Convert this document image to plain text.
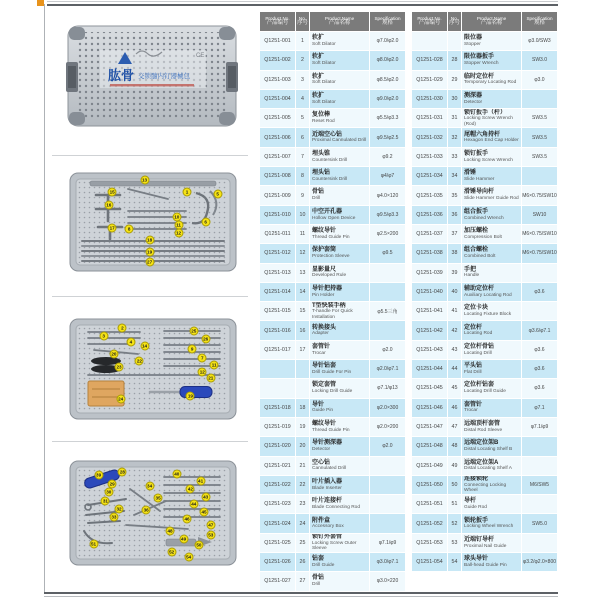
CE
肱骨 交锁髓内钉器械包
13
15
16
1	5
10
11
12
6
17	8
18
19
27
2
3
4
14
20
22
23
25
26
9
7
11
12
21
24
19
39
28
29
30
31
32
33
34
35
36
40
41
42
43
44
45
46
47
48
49
50
51
53
52
54
Product No.
产品编号
No.
序号
Product Name
产品名称
Specification
规格
Q1251-001	1
软扩
Soft Dilator
φ7.0/φ2.0
Q1251-002	2
软扩
Soft Dilator
φ8.0/φ2.0
Q1251-003	3
软扩
Soft Dilator
φ8.5/φ2.0
Q1251-004	4
软扩
Soft Dilator
φ9.0/φ2.0
Q1251-005	5
复位棒
Reset Rod
φ5.5/φ3.3
Q1251-006	6
近端空心钻
Proximal Cannulated Drill
φ9.5/φ2.5
Q1251-007	7
埋头锥
Countersink Drill
φ9.2
Q1251-008	8
埋头钻
Countersink Drill
φ4/φ7
Q1251-009	9
骨钻
Drill
φ4.0×120
Q1251-010	10
中空开孔器
Hollow Open Device
φ9.5/φ3.3
Q1251-011	11
螺纹导针
Thread Guide Pin
φ2.5×200
Q1251-012	12
保护套筒
Protection Sleeve
φ9.5
Q1251-013	13
显影量尺
Developed Rule
Q1251-014	14
导针把持器
Pin Holder
Q1251-015	15
T型快装手柄
T-handle For Quick Installation
φ5.5三角
Q1251-016	16
转换接头
Adapter
Q1251-017	17
套管针
Trocar
φ2.0
导针钻套
Drill Guide For Pin
φ2.0/φ7.1
锁定套管
Locking Drill Guide
φ7.1/φ13
Q1251-018	18
导针
Guide Pin
φ2.0×300
Q1251-019	19
螺纹导针
Thread Guide Pin
φ2.0×200
Q1251-020	20
导针测深器
Detector
φ2.0
Q1251-021	21
空心钻
Cannulated Drill
Q1251-022	22
叶片插入器
Blade Inserter
Q1251-023	23
叶片连接杆
Blade Connecting Rod
Q1251-024	24
附件盒
Accessory Box
Q1251-025	25
锁钉外套管
Locking Screw Outer Sleeve
φ7.1/φ9
Q1251-026	26
钻套
Drill Guide
φ3.0/φ7.1
Q1251-027	27
骨钻
Drill
φ3.0×220
Product No.
产品编号
No.
序号
Product Name
产品名称
Specification
规格
限位器
Stopper
φ3.0/SW3
Q1251-028	28
限位器扳手
Stopper Wrench
SW3.0
Q1251-029	29
临时定位杆
Temporary Locating Rod
φ3.0
Q1251-030	30
测深器
Detector
Q1251-031	31
锁钉扳手（杆）
Locking Screw Wrench (Rod)
SW3.5
Q1251-032	32
尾帽六角持杆
Hexagon End Cap Holder
SW3.5
Q1251-033	33
锁钉扳手
Locking Screw Wrench
SW3.5
Q1251-034	34
滑锤
Slide Hammer
Q1251-035	35
滑锤导向杆
Slide Hammer Guide Rod
M6×0.75/SW10
Q1251-036	36
组合扳手
Combined Wrench
SW10
Q1251-037	37
加压螺栓
Compression Bolt
M6×0.75/SW10
Q1251-038	38
组合螺栓
Combined Bolt
M6×0.75/SW10
Q1251-039	39
手把
Handle
Q1251-040	40
辅助定位杆
Auxiliary Locating Rod
φ3.6
Q1251-041	41
定位卡块
Locating Fixture Block
Q1251-042	42
定位杆
Locating Rod
φ3.6/φ7.1
Q1251-043	43
定位杆骨钻
Locating Drill
φ3.6
Q1251-044	44
平头钻
Flat Drill
φ3.6
Q1251-045	45
定位杆钻套
Locating Drill Guide
φ3.6
Q1251-046	46
套管针
Trocar
φ7.1
Q1251-047	47
远端顶杆套管
Distal Rod Sleeve
φ7.1/φ9
Q1251-048	48
远端定位架B
Distal Locating Shelf B
Q1251-049	49
远端定位架A
Distal Locating Shelf A
Q1251-050	50
连接锁轮
Connecting Locking Wheel
M6/SW5
Q1251-051	51
导杆
Guide Rod
Q1251-052	52
锁轮扳手
Locking Wheel Wrench
SW5.0
Q1251-053	53
近端钉导杆
Proximal Nail Guide
Q1251-054	54
球头导针
Ball-head Guide Pin
φ3.2/φ2.0×800
